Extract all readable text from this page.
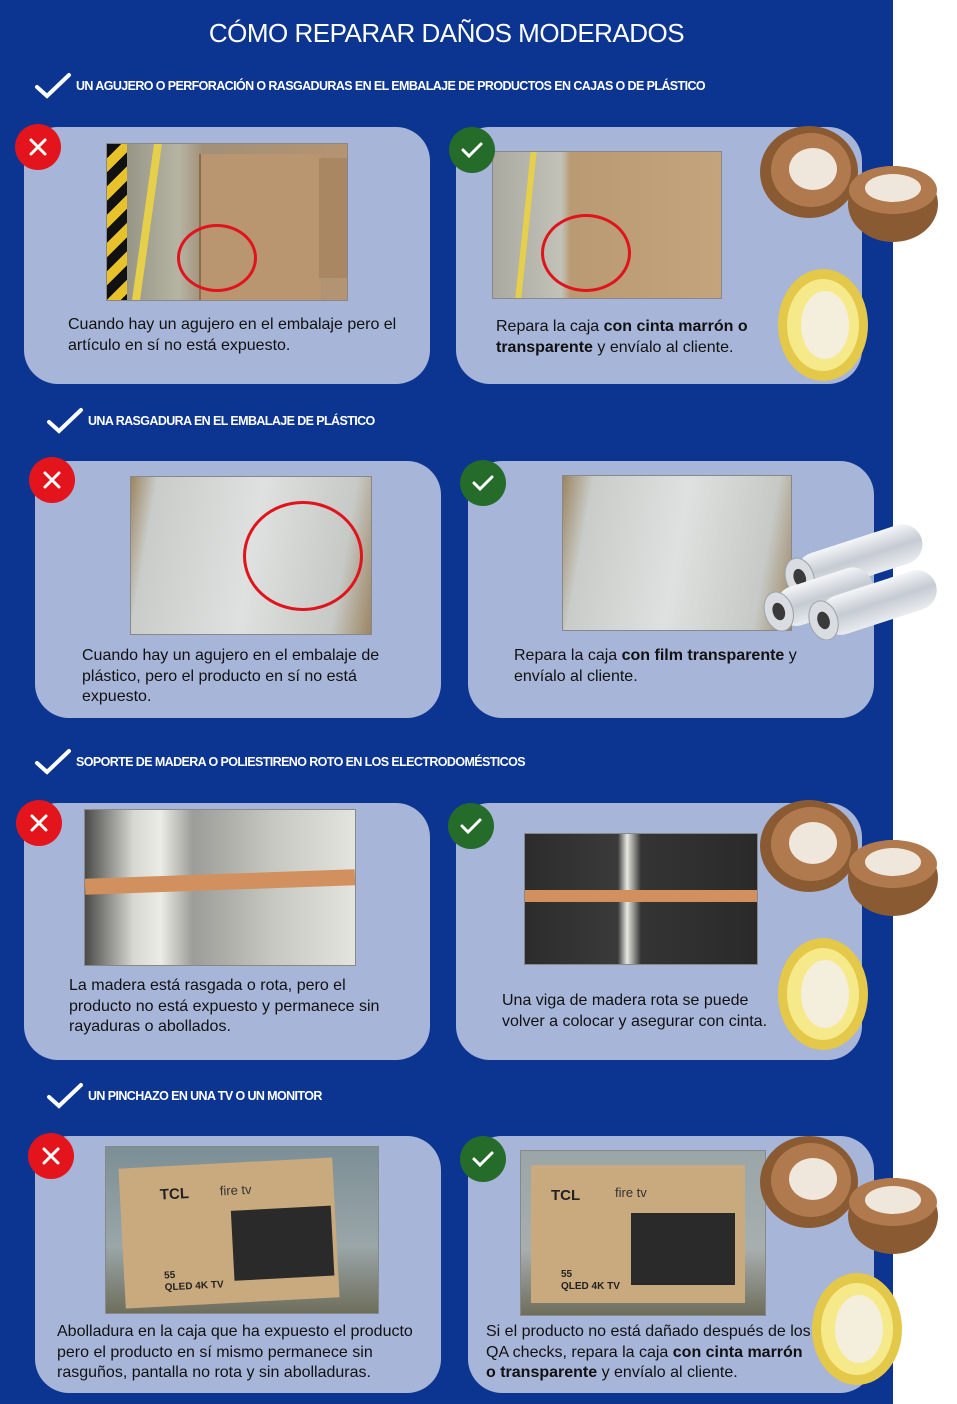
CÓMO REPARAR DAÑOS MODERADOS
UN AGUJERO O PERFORACIÓN O RASGADURAS EN EL EMBALAJE DE PRODUCTOS EN CAJAS O DE PLÁSTICO
Cuando hay un agujero en el embalaje pero el artículo en sí no está expuesto.
Repara la caja con cinta marrón o transparente y envíalo al cliente.
UNA RASGADURA EN EL EMBALAJE DE PLÁSTICO
Cuando hay un agujero en el embalaje de plástico, pero el producto en sí no está expuesto.
Repara la caja con film transparente y envíalo al cliente.
SOPORTE DE MADERA O POLIESTIRENO ROTO EN LOS ELECTRODOMÉSTICOS
La madera está rasgada o rota, pero el producto no está expuesto y permanece sin rayaduras o abollados.
Una viga de madera rota se puede volver a colocar y asegurar con cinta.
UN PINCHAZO EN UNA TV O UN MONITOR
TCL fire tv
55
QLED 4K TV
Abolladura en la caja que ha expuesto el producto pero el producto en sí mismo permanece sin rasguños, pantalla no rota y sin abolladuras.
TCL	fire tv
55
QLED 4K TV
Si el producto no está dañado después de los QA checks, repara la caja con cinta marrón o transparente y envíalo al cliente.
